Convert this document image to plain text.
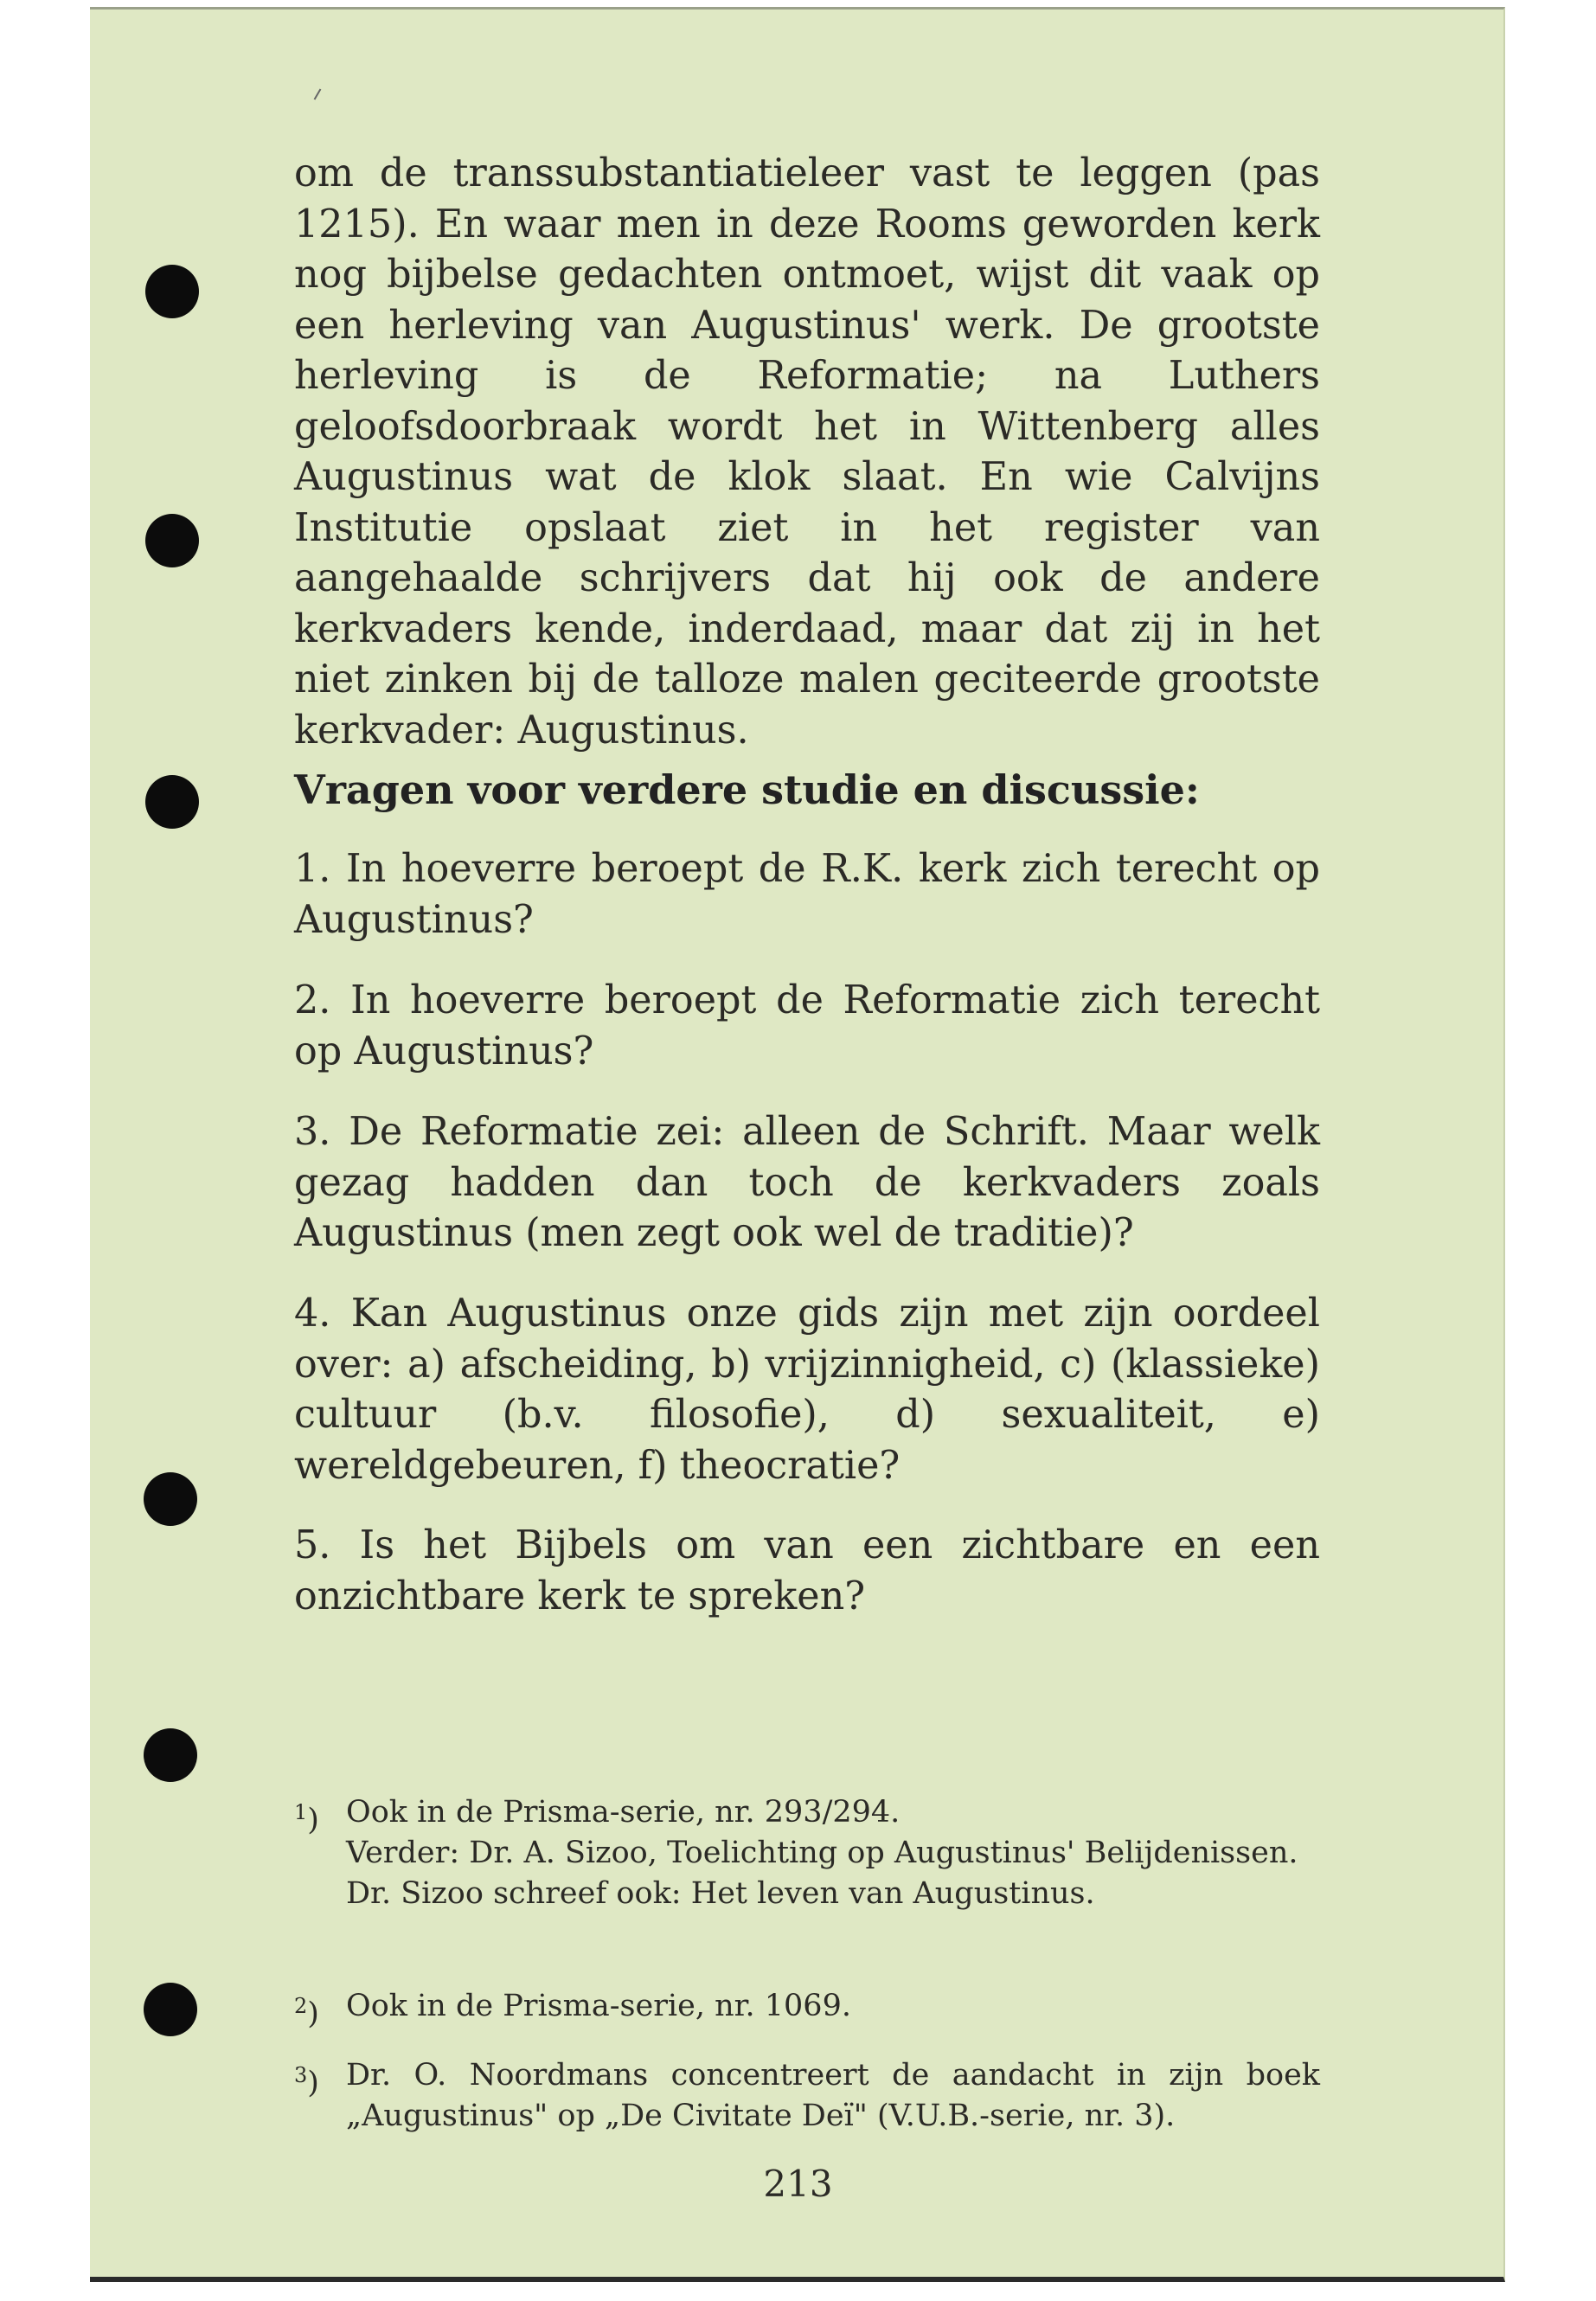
om de transsubstantiatieleer vast te leggen (pas 1215). En waar men in deze Rooms geworden kerk nog bijbelse gedachten ontmoet, wijst dit vaak op een herleving van Augustinus' werk. De grootste herleving is de Reformatie; na Luthers geloofsdoorbraak wordt het in Wittenberg alles Augustinus wat de klok slaat. En wie Calvijns Institutie opslaat ziet in het register van aangehaalde schrijvers dat hij ook de andere kerkvaders kende, inderdaad, maar dat zij in het niet zinken bij de talloze malen geciteerde grootste kerkvader: Augustinus.
Vragen voor verdere studie en discussie:
1. In hoeverre beroept de R.K. kerk zich terecht op Augustinus?
2. In hoeverre beroept de Reformatie zich terecht op Augustinus?
3. De Reformatie zei: alleen de Schrift. Maar welk gezag hadden dan toch de kerkvaders zoals Augustinus (men zegt ook wel de traditie)?
4. Kan Augustinus onze gids zijn met zijn oordeel over: a) afscheiding, b) vrijzinnigheid, c) (klassieke) cultuur (b.v. filosofie), d) sexualiteit, e) wereldgebeuren, f) theocratie?
5. Is het Bijbels om van een zichtbare en een onzichtbare kerk te spreken?
$^1$) Ook in de Prisma-serie, nr. 293/294.
Verder: Dr. A. Sizoo, Toelichting op Augustinus' Belijdenissen.
Dr. Sizoo schreef ook: Het leven van Augustinus.
$^2$) Ook in de Prisma-serie, nr. 1069.
$^3$) Dr. O. Noordmans concentreert de aandacht in zijn boek „Augustinus" op „De Civitate Deï" (V.U.B.-serie, nr. 3).
213
